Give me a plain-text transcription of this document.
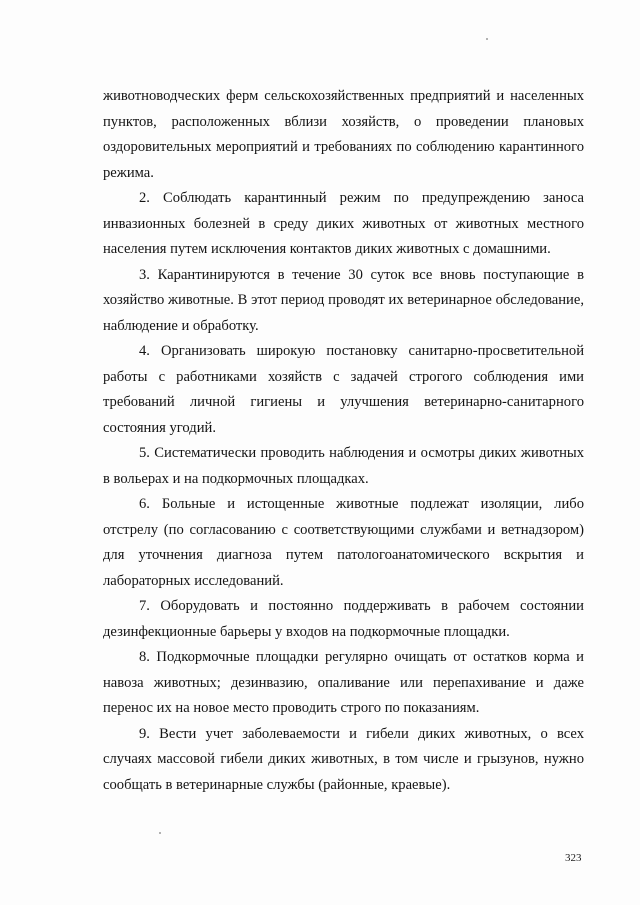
животноводческих ферм сельскохозяйственных предприятий и населенных пунктов, расположенных вблизи хозяйств, о проведении плановых оздоровительных мероприятий и требованиях по соблюдению карантинного режима.

2. Соблюдать карантинный режим по предупреждению заноса инвазионных болезней в среду диких животных от животных местного населения путем исключения контактов диких животных с домашними.

3. Карантинируются в течение 30 суток все вновь поступающие в хозяйство животные. В этот период проводят их ветеринарное обследование, наблюдение и обработку.

4. Организовать широкую постановку санитарно-просветительной работы с работниками хозяйств с задачей строгого соблюдения ими требований личной гигиены и улучшения ветеринарно-санитарного состояния угодий.

5. Систематически проводить наблюдения и осмотры диких животных в вольерах и на подкормочных площадках.

6. Больные и истощенные животные подлежат изоляции, либо отстрелу (по согласованию с соответствующими службами и ветнадзором) для уточнения диагноза путем патологоанатомического вскрытия и лабораторных исследований.

7. Оборудовать и постоянно поддерживать в рабочем состоянии дезинфекционные барьеры у входов на подкормочные площадки.

8. Подкормочные площадки регулярно очищать от остатков корма и навоза животных; дезинвазию, опаливание или перепахивание и даже перенос их на новое место проводить строго по показаниям.

9. Вести учет заболеваемости и гибели диких животных, о всех случаях массовой гибели диких животных, в том числе и грызунов, нужно сообщать в ветеринарные службы (районные, краевые).

323
